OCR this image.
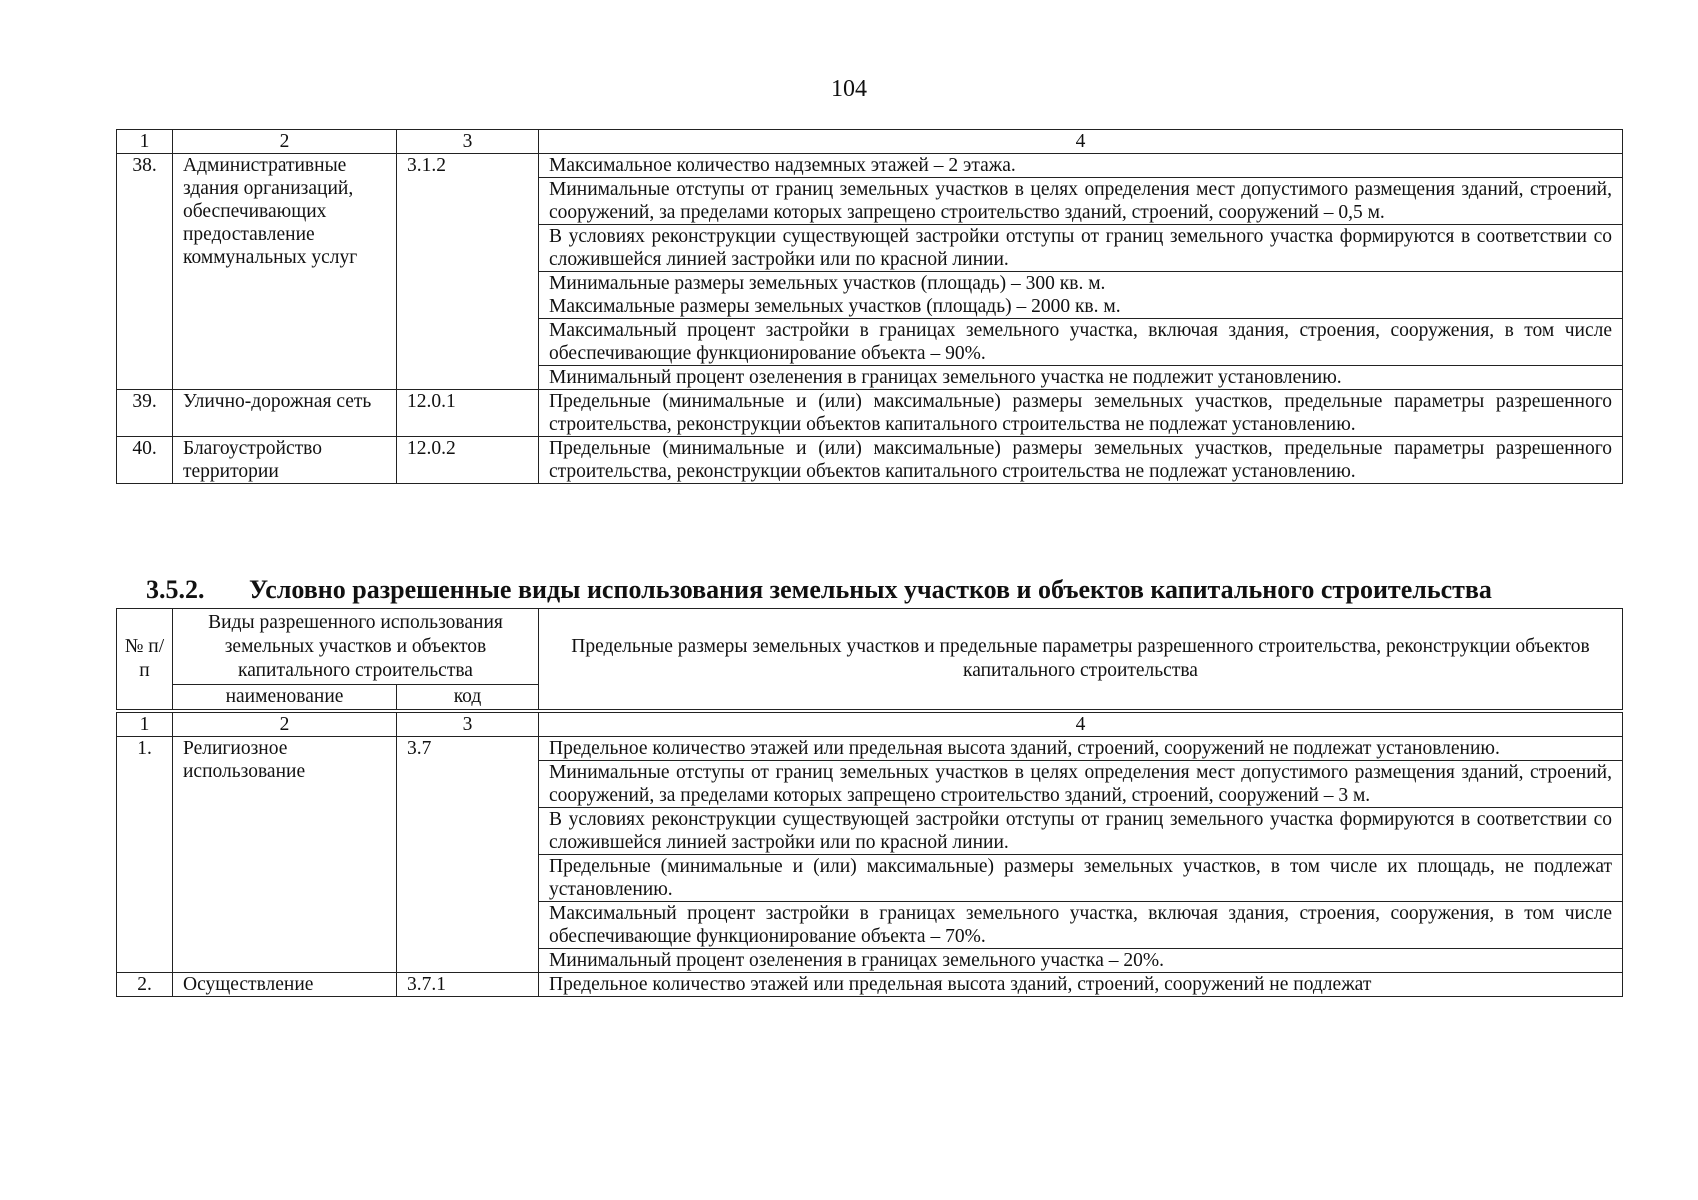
104
1	2	3	4
38.	Административные здания организаций, обеспечивающих предоставление коммунальных услуг	3.1.2	Максимальное количество надземных этажей – 2 этажа.
			Минимальные отступы от границ земельных участков в целях определения мест допустимого размещения зданий, строений, сооружений, за пределами которых запрещено строительство зданий, строений, сооружений – 0,5 м.
			В условиях реконструкции существующей застройки отступы от границ земельного участка формируются в соответствии со сложившейся линией застройки или по красной линии.
			Минимальные размеры земельных участков (площадь) – 300 кв. м.
Максимальные размеры земельных участков (площадь) – 2000 кв. м.
			Максимальный процент застройки в границах земельного участка, включая здания, строения, сооружения, в том числе обеспечивающие функционирование объекта – 90%.
			Минимальный процент озеленения в границах земельного участка не подлежит установлению.
39.	Улично-дорожная сеть	12.0.1	Предельные (минимальные и (или) максимальные) размеры земельных участков, предельные параметры разрешенного строительства, реконструкции объектов капитального строительства не подлежат установлению.
40.	Благоустройство территории	12.0.2	Предельные (минимальные и (или) максимальные) размеры земельных участков, предельные параметры разрешенного строительства, реконструкции объектов капитального строительства не подлежат установлению.
3.5.2. Условно разрешенные виды использования земельных участков и объектов капитального строительства
№ п/п	Виды разрешенного использования земельных участков и объектов капитального строительства		Предельные размеры земельных участков и предельные параметры разрешенного строительства, реконструкции объектов капитального строительства
	наименование	код	
1	2	3	4
1.	Религиозное использование	3.7	Предельное количество этажей или предельная высота зданий, строений, сооружений не подлежат установлению.
			Минимальные отступы от границ земельных участков в целях определения мест допустимого размещения зданий, строений, сооружений, за пределами которых запрещено строительство зданий, строений, сооружений – 3 м.
			В условиях реконструкции существующей застройки отступы от границ земельного участка формируются в соответствии со сложившейся линией застройки или по красной линии.
			Предельные (минимальные и (или) максимальные) размеры земельных участков, в том числе их площадь, не подлежат установлению.
			Максимальный процент застройки в границах земельного участка, включая здания, строения, сооружения, в том числе обеспечивающие функционирование объекта – 70%.
			Минимальный процент озеленения в границах земельного участка – 20%.
2.	Осуществление	3.7.1	Предельное количество этажей или предельная высота зданий, строений, сооружений не подлежат
